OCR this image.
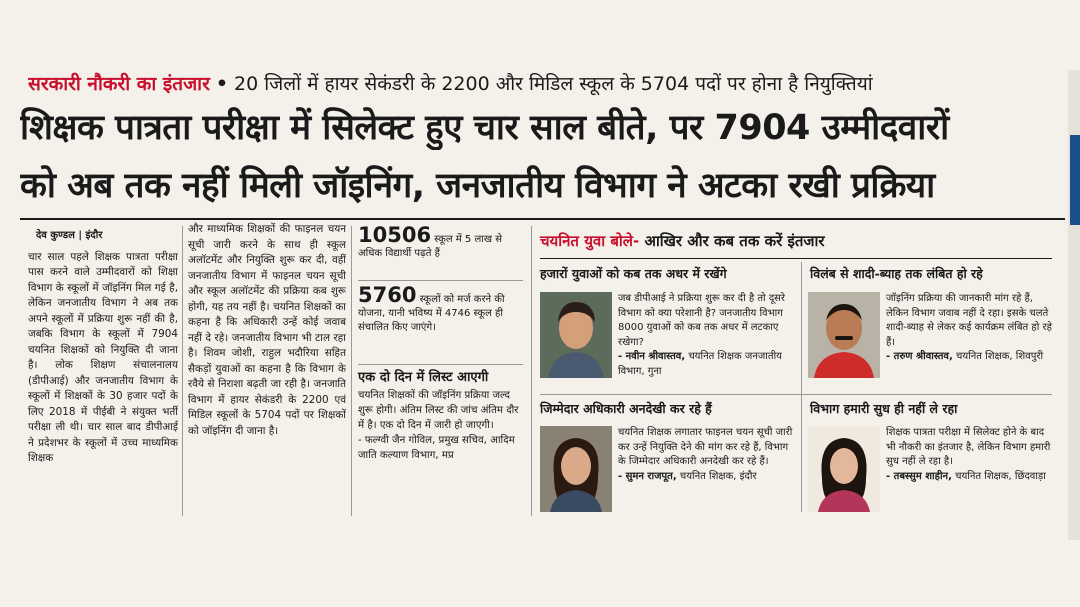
सरकारी नौकरी का इंतजार • 20 जिलों में हायर सेकंडरी के 2200 और मिडिल स्कूल के 5704 पदों पर होना है नियुक्तियां
शिक्षक पात्रता परीक्षा में सिलेक्ट हुए चार साल बीते, पर 7904 उम्मीदवारों
को अब तक नहीं मिली जॉइनिंग, जनजातीय विभाग ने अटका रखी प्रक्रिया
देव कुण्डल | इंदौर
चार साल पहले शिक्षक पात्रता परीक्षा पास करने वाले उम्मीदवारों को शिक्षा विभाग के स्कूलों में जॉइनिंग मिल गई है, लेकिन जनजातीय विभाग ने अब तक अपने स्कूलों में प्रक्रिया शुरू नहीं की है, जबकि विभाग के स्कूलों में 7904 चयनित शिक्षकों को नियुक्ति दी जाना है। लोक शिक्षण संचालनालय (डीपीआई) और जनजातीय विभाग के स्कूलों में शिक्षकों के 30 हजार पदों के लिए 2018 में पीईबी ने संयुक्त भर्ती परीक्षा ली थी। चार साल बाद डीपीआई ने प्रदेशभर के स्कूलों में उच्च माध्यमिक शिक्षक
और माध्यमिक शिक्षकों की फाइनल चयन सूची जारी करने के साथ ही स्कूल अलॉटमेंट और नियुक्ति शुरू कर दी, वहीं जनजातीय विभाग में फाइनल चयन सूची और स्कूल अलॉटमेंट की प्रक्रिया कब शुरू होगी, यह तय नहीं है। चयनित शिक्षकों का कहना है कि अधिकारी उन्हें कोई जवाब नहीं दे रहे। जनजातीय विभाग भी टाल रहा है। शिवम जोशी, राहुल भदौरिया सहित सैकड़ों युवाओं का कहना है कि विभाग के रवैये से निराशा बढ़ती जा रही है। जनजाति विभाग में हायर सेकंडरी के 2200 एवं मिडिल स्कूलों के 5704 पदों पर शिक्षकों को जॉइनिंग दी जाना है।
10506 स्कूल में 5 लाख से अधिक विद्यार्थी पढ़ते हैं
5760 स्कूलों को मर्ज करने की योजना, यानी भविष्य में 4746 स्कूल ही संचालित किए जाएंगे।
एक दो दिन में लिस्ट आएगी
चयनित शिक्षकों की जॉइनिंग प्रक्रिया जल्द शुरू होगी। अंतिम लिस्ट की जांच अंतिम दौर में है। एक दो दिन में जारी हो जाएगी।
- फल्ग्वी जैन गोविल, प्रमुख सचिव, आदिम जाति कल्याण विभाग, मप्र
चयनित युवा बोले- आखिर और कब तक करें इंतजार
हजारों युवाओं को कब तक अधर में रखेंगे
जब डीपीआई ने प्रक्रिया शुरू कर दी है तो दूसरे विभाग को क्या परेशानी है? जनजातीय विभाग 8000 युवाओं को कब तक अधर में लटकाए रखेगा?
- नवीन श्रीवास्तव, चयनित शिक्षक जनजातीय विभाग, गुना
विलंब से शादी-ब्याह तक लंबित हो रहे
जॉइनिंग प्रक्रिया की जानकारी मांग रहे हैं, लेकिन विभाग जवाब नहीं दे रहा। इसके चलते शादी-ब्याह से लेकर कई कार्यक्रम लंबित हो रहे हैं।
- तरुण श्रीवास्तव, चयनित शिक्षक, शिवपुरी
जिम्मेदार अधिकारी अनदेखी कर रहे हैं
चयनित शिक्षक लगातार फाइनल चयन सूची जारी कर उन्हें नियुक्ति देने की मांग कर रहे हैं, विभाग के जिम्मेदार अधिकारी अनदेखी कर रहे हैं।
- सुमन राजपूत, चयनित शिक्षक, इंदौर
विभाग हमारी सुध ही नहीं ले रहा
शिक्षक पात्रता परीक्षा में सिलेक्ट होने के बाद भी नौकरी का इंतजार है, लेकिन विभाग हमारी सुध नहीं ले रहा है।
- तबस्सुम शाहीन, चयनित शिक्षक, छिंदवाड़ा
